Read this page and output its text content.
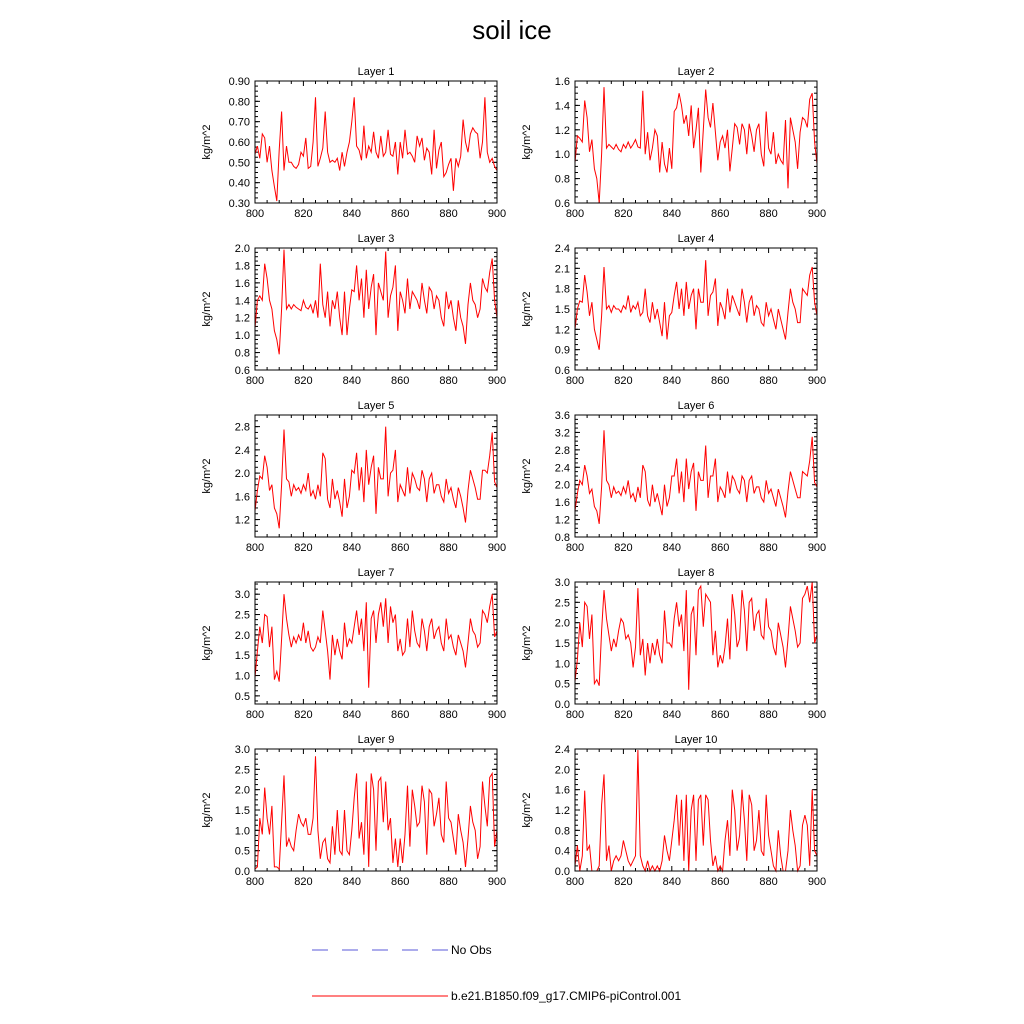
soil ice
Layer 1
kg/m^2
800	820	840	860	880	900
0.30
0.40
0.50
0.60
0.70
0.80
0.90
Layer 2
kg/m^2
800	820	840	860	880	900
0.6
0.8
1.0
1.2
1.4
1.6
Layer 3
kg/m^2
800	820	840	860	880	900
0.6
0.8
1.0
1.2
1.4
1.6
1.8
2.0
Layer 4
kg/m^2
800	820	840	860	880	900
0.6
0.9
1.2
1.5
1.8
2.1
2.4
Layer 5
kg/m^2
800	820	840	860	880	900
1.2
1.6
2.0
2.4
2.8
Layer 6
kg/m^2
800	820	840	860	880	900
0.8
1.2
1.6
2.0
2.4
2.8
3.2
3.6
Layer 7
kg/m^2
800	820	840	860	880	900
0.5
1.0
1.5
2.0
2.5
3.0
Layer 8
kg/m^2
800	820	840	860	880	900
0.0
0.5
1.0
1.5
2.0
2.5
3.0
Layer 9
kg/m^2
800	820	840	860	880	900
0.0
0.5
1.0
1.5
2.0
2.5
3.0
Layer 10
kg/m^2
800	820	840	860	880	900
0.0
0.4
0.8
1.2
1.6
2.0
2.4
No Obs
b.e21.B1850.f09_g17.CMIP6-piControl.001
